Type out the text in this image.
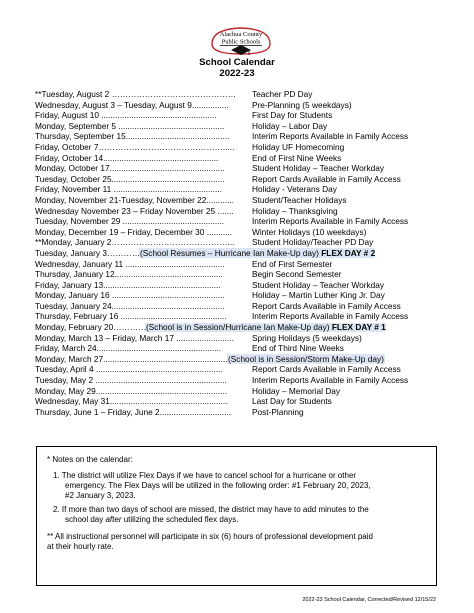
Alachua County
Public Schools
School Calendar
2022-23
**Tuesday, August 2 ………………………………………	Teacher PD Day
Wednesday, August 3 – Tuesday, August 9................	Pre-Planning (5 weekdays)
Friday, August 10 ..................................................	First Day for Students
Monday, September 5 ..............................................	Holiday – Labor Day
Thursday, September 15.............................................	Interim Reports Available in Family Access
Friday, October 7……………………………………….....	Holiday UF Homecoming
Friday, October 14..................................................	End of First Nine Weeks
Monday, October 17..................................................	Student Holiday – Teacher Workday
Tuesday, October 25.................................................	Report Cards Available in Family Access
Friday, November 11 ...............................................	Holiday - Veterans Day
Monday, November 21-Tuesday, November 22............	Student/Teacher Holidays
Wednesday November 23 – Friday November 25 .......	Holiday – Thanksgiving
Tuesday, November 29 ............................................	Interim Reports Available in Family Access
Monday, December 19 – Friday, December 30 ...........	Winter Holidays (10 weekdays)
**Monday, January 2……………………………………...	Student Holiday/Teacher PD Day
Tuesday, January 3………… (School Resumes – Hurricane Ian Make-Up day) FLEX DAY # 2
Wednesday, January 11 ...........................................	End of First Semester
Thursday, January 12...............................................	Begin Second Semester
Friday, January 13...................................................	Student Holiday – Teacher Workday
Monday, January 16 .................................................	Holiday – Martin Luther King Jr. Day
Tuesday, January 24.................................................	Report Cards Available in Family Access
Thursday, February 16 ..............................................	Interim Reports Available in Family Access
Monday, February 20………… (School is in Session/Hurricane Ian Make-Up day) FLEX DAY # 1
Monday, March 13 – Friday, March 17 .........................	Spring Holidays (5 weekdays)
Friday, March 24......................................................	End of Third Nine Weeks
Monday, March 27...................................................... (School is in Session/Storm Make-Up day)
Tuesday, April 4 .......................................................	Report Cards Available in Family Access
Tuesday, May 2 .........................................................	Interim Reports Available in Family Access
Monday, May 29.........................................................	Holiday – Memorial Day
Wednesday, May 31...................................................	Last Day for Students
Thursday, June 1 – Friday, June 2...............................	Post-Planning
* Notes on the calendar:
1. The district will utilize Flex Days if we have to cancel school for a hurricane or other
emergency. The Flex Days will be utilized in the following order: #1 February 20, 2023,
#2 January 3, 2023.
2. If more than two days of school are missed, the district may have to add minutes to the
school day after utilizing the scheduled flex days.
** All instructional personnel will participate in six (6) hours of professional development paid
at their hourly rate.
2022-23 School Calendar, Corrected/Revised 12/15/22
